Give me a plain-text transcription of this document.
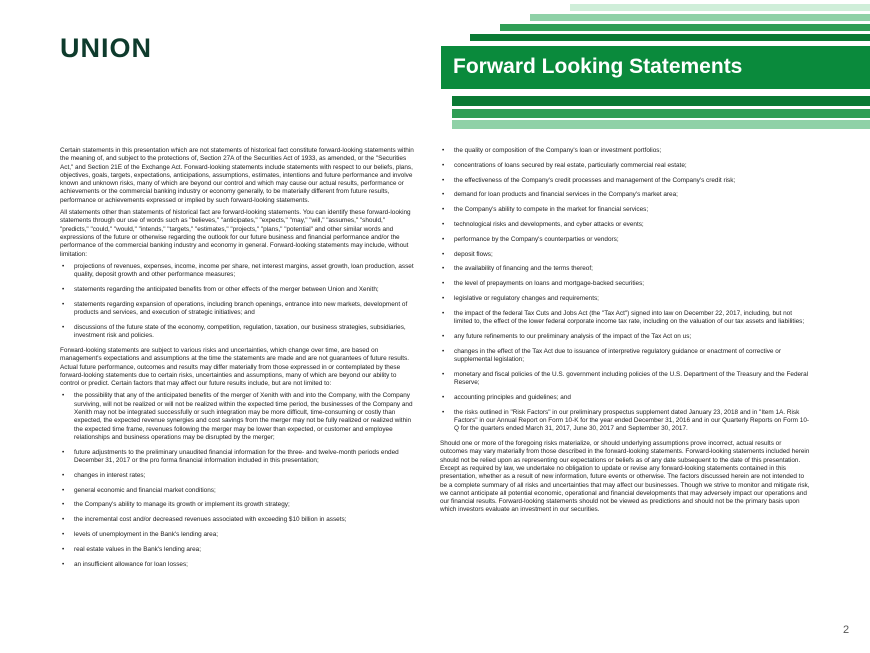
UNION
Forward Looking Statements

Certain statements in this presentation which are not statements of historical fact constitute forward-looking statements within the meaning of, and subject to the protections of, Section 27A of the Securities Act of 1933, as amended, or the "Securities Act," and Section 21E of the Exchange Act. Forward-looking statements include statements with respect to our beliefs, plans, objectives, goals, targets, expectations, anticipations, assumptions, estimates, intentions and future performance and involve known and unknown risks, many of which are beyond our control and which may cause our actual results, performance or achievements or the commercial banking industry or economy generally, to be materially different from future results, performance or achievements expressed or implied by such forward-looking statements.

All statements other than statements of historical fact are forward-looking statements. You can identify these forward-looking statements through our use of words such as "believes," "anticipates," "expects," "may," "will," "assumes," "should," "predicts," "could," "would," "intends," "targets," "estimates," "projects," "plans," "potential" and other similar words and expressions of the future or otherwise regarding the outlook for our future business and financial performance and/or the performance of the commercial banking industry and economy in general. Forward-looking statements may include, without limitation:

• projections of revenues, expenses, income, income per share, net interest margins, asset growth, loan production, asset quality, deposit growth and other performance measures;
• statements regarding the anticipated benefits from or other effects of the merger between Union and Xenith;
• statements regarding expansion of operations, including branch openings, entrance into new markets, development of products and services, and execution of strategic initiatives; and
• discussions of the future state of the economy, competition, regulation, taxation, our business strategies, subsidiaries, investment risk and policies.

Forward-looking statements are subject to various risks and uncertainties, which change over time, are based on management's expectations and assumptions at the time the statements are made and are not guarantees of future results. Actual future performance, outcomes and results may differ materially from those expressed in or contemplated by these forward-looking statements due to certain risks, uncertainties and assumptions, many of which are beyond our ability to control or predict. Certain factors that may affect our future results include, but are not limited to:

• the possibility that any of the anticipated benefits of the merger of Xenith with and into the Company, with the Company surviving, will not be realized or will not be realized within the expected time period, the businesses of the Company and Xenith may not be integrated successfully or such integration may be more difficult, time-consuming or costly than expected, the expected revenue synergies and cost savings from the merger may not be fully realized or realized within the expected time frame, revenues following the merger may be lower than expected, or customer and employee relationships and business operations may be disrupted by the merger;
• future adjustments to the preliminary unaudited financial information for the three- and twelve-month periods ended December 31, 2017 or the pro forma financial information included in this presentation;
• changes in interest rates;
• general economic and financial market conditions;
• the Company's ability to manage its growth or implement its growth strategy;
• the incremental cost and/or decreased revenues associated with exceeding $10 billion in assets;
• levels of unemployment in the Bank's lending area;
• real estate values in the Bank's lending area;
• an insufficient allowance for loan losses;
• the quality or composition of the Company's loan or investment portfolios;
• concentrations of loans secured by real estate, particularly commercial real estate;
• the effectiveness of the Company's credit processes and management of the Company's credit risk;
• demand for loan products and financial services in the Company's market area;
• the Company's ability to compete in the market for financial services;
• technological risks and developments, and cyber attacks or events;
• performance by the Company's counterparties or vendors;
• deposit flows;
• the availability of financing and the terms thereof;
• the level of prepayments on loans and mortgage-backed securities;
• legislative or regulatory changes and requirements;
• the impact of the federal Tax Cuts and Jobs Act (the "Tax Act") signed into law on December 22, 2017, including, but not limited to, the effect of the lower federal corporate income tax rate, including on the valuation of our tax assets and liabilities;
• any future refinements to our preliminary analysis of the impact of the Tax Act on us;
• changes in the effect of the Tax Act due to issuance of interpretive regulatory guidance or enactment of corrective or supplemental legislation;
• monetary and fiscal policies of the U.S. government including policies of the U.S. Department of the Treasury and the Federal Reserve;
• accounting principles and guidelines; and
• the risks outlined in "Risk Factors" in our preliminary prospectus supplement dated January 23, 2018 and in "Item 1A. Risk Factors" in our Annual Report on Form 10-K for the year ended December 31, 2016 and in our Quarterly Reports on Form 10-Q for the quarters ended March 31, 2017, June 30, 2017 and September 30, 2017.

Should one or more of the foregoing risks materialize, or should underlying assumptions prove incorrect, actual results or outcomes may vary materially from those described in the forward-looking statements. Forward-looking statements included herein should not be relied upon as representing our expectations or beliefs as of any date subsequent to the date of this presentation. Except as required by law, we undertake no obligation to update or revise any forward-looking statements contained in this presentation, whether as a result of new information, future events or otherwise. The factors discussed herein are not intended to be a complete summary of all risks and uncertainties that may affect our businesses. Though we strive to monitor and mitigate risk, we cannot anticipate all potential economic, operational and financial developments that may adversely impact our operations and our financial results. Forward-looking statements should not be viewed as predictions and should not be the primary basis upon which investors evaluate an investment in our securities.

2
